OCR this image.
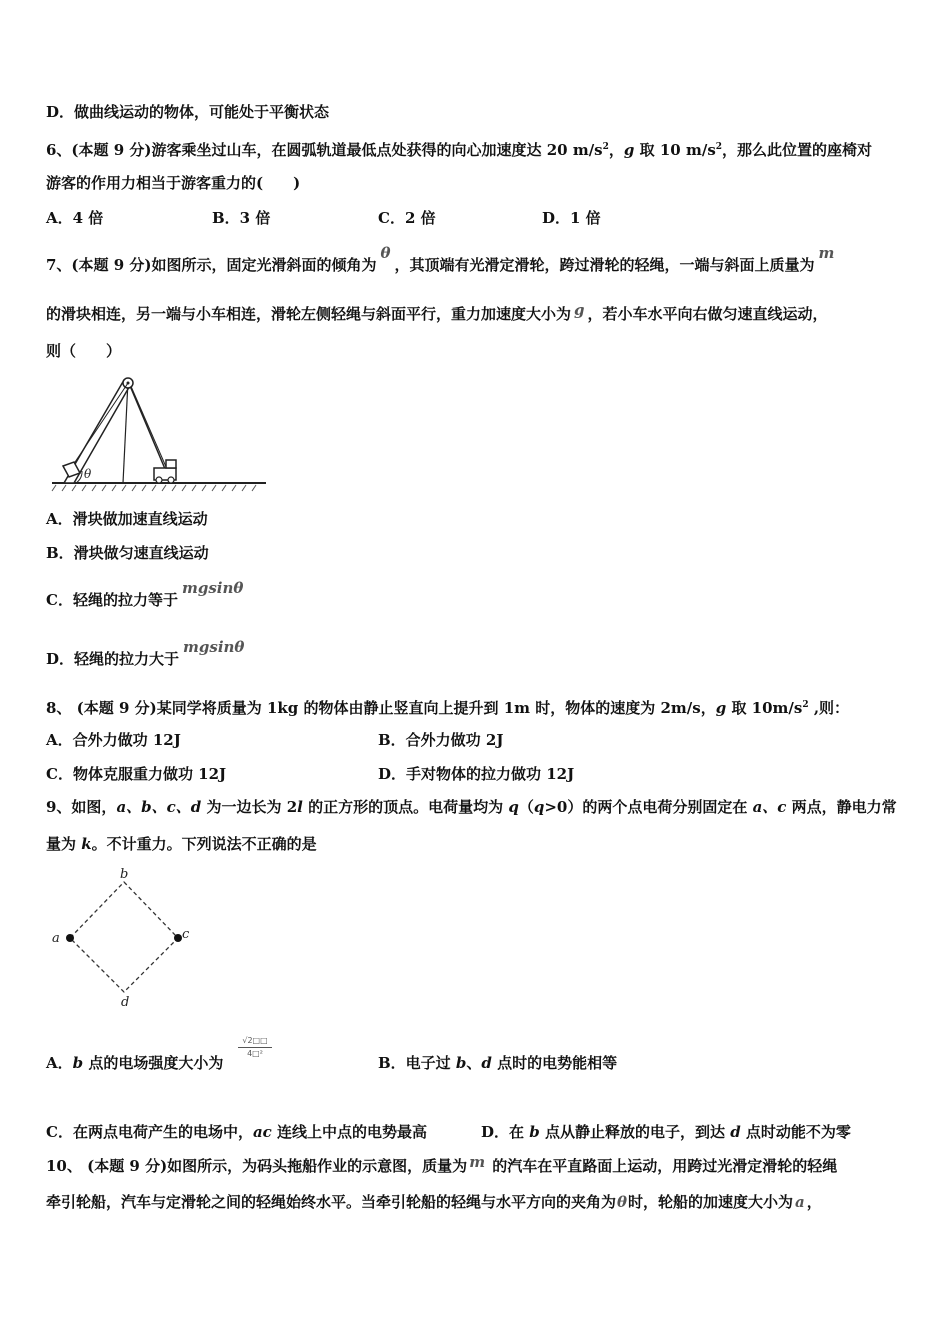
D．做曲线运动的物体，可能处于平衡状态
6、(本题 9 分)游客乘坐过山车，在圆弧轨道最低点处获得的向心加速度达 20 $m/s^2$，g 取 10 $m/s^2$，那么此位置的座椅对
游客的作用力相当于游客重力的(　　)
A．4 倍	B．3 倍	C．2 倍	D．1 倍
7、(本题 9 分)如图所示，固定光滑斜面的倾角为θ，其顶端有光滑定滑轮，跨过滑轮的轻绳，一端与斜面上质量为m
的滑块相连，另一端与小车相连，滑轮左侧轻绳与斜面平行，重力加速度大小为 g ，若小车水平向右做匀速直线运动，
则（　　）
θ
A．滑块做加速直线运动
B．滑块做匀速直线运动
C．轻绳的拉力等于mgsinθ
D．轻绳的拉力大于mgsinθ
8、 (本题 9 分)某同学将质量为 1kg 的物体由静止竖直向上提升到 1m 时，物体的速度为 2m/s，g 取 $10m/s^2$ ,则：
A．合外力做功 12J	B．合外力做功 2J
C．物体克服重力做功 12J	D．手对物体的拉力做功 12J
9、如图，a、b、c、d 为一边长为 2l 的正方形的顶点。电荷量均为 q（q>0）的两个点电荷分别固定在 a、c 两点，静电力常
量为 k。不计重力。下列说法不正确的是
b
a	c
d
A．b 点的电场强度大小为
√2□□
4□²
B．电子过 b、d 点时的电势能相等
C．在两点电荷产生的电场中，ac 连线上中点的电势最高	D．在 b 点从静止释放的电子，到达 d 点时动能不为零
10、 (本题 9 分)如图所示，为码头拖船作业的示意图，质量为 m 的汽车在平直路面上运动，用跨过光滑定滑轮的轻绳
牵引轮船，汽车与定滑轮之间的轻绳始终水平。当牵引轮船的轻绳与水平方向的夹角为θ时，轮船的加速度大小为 a ，
